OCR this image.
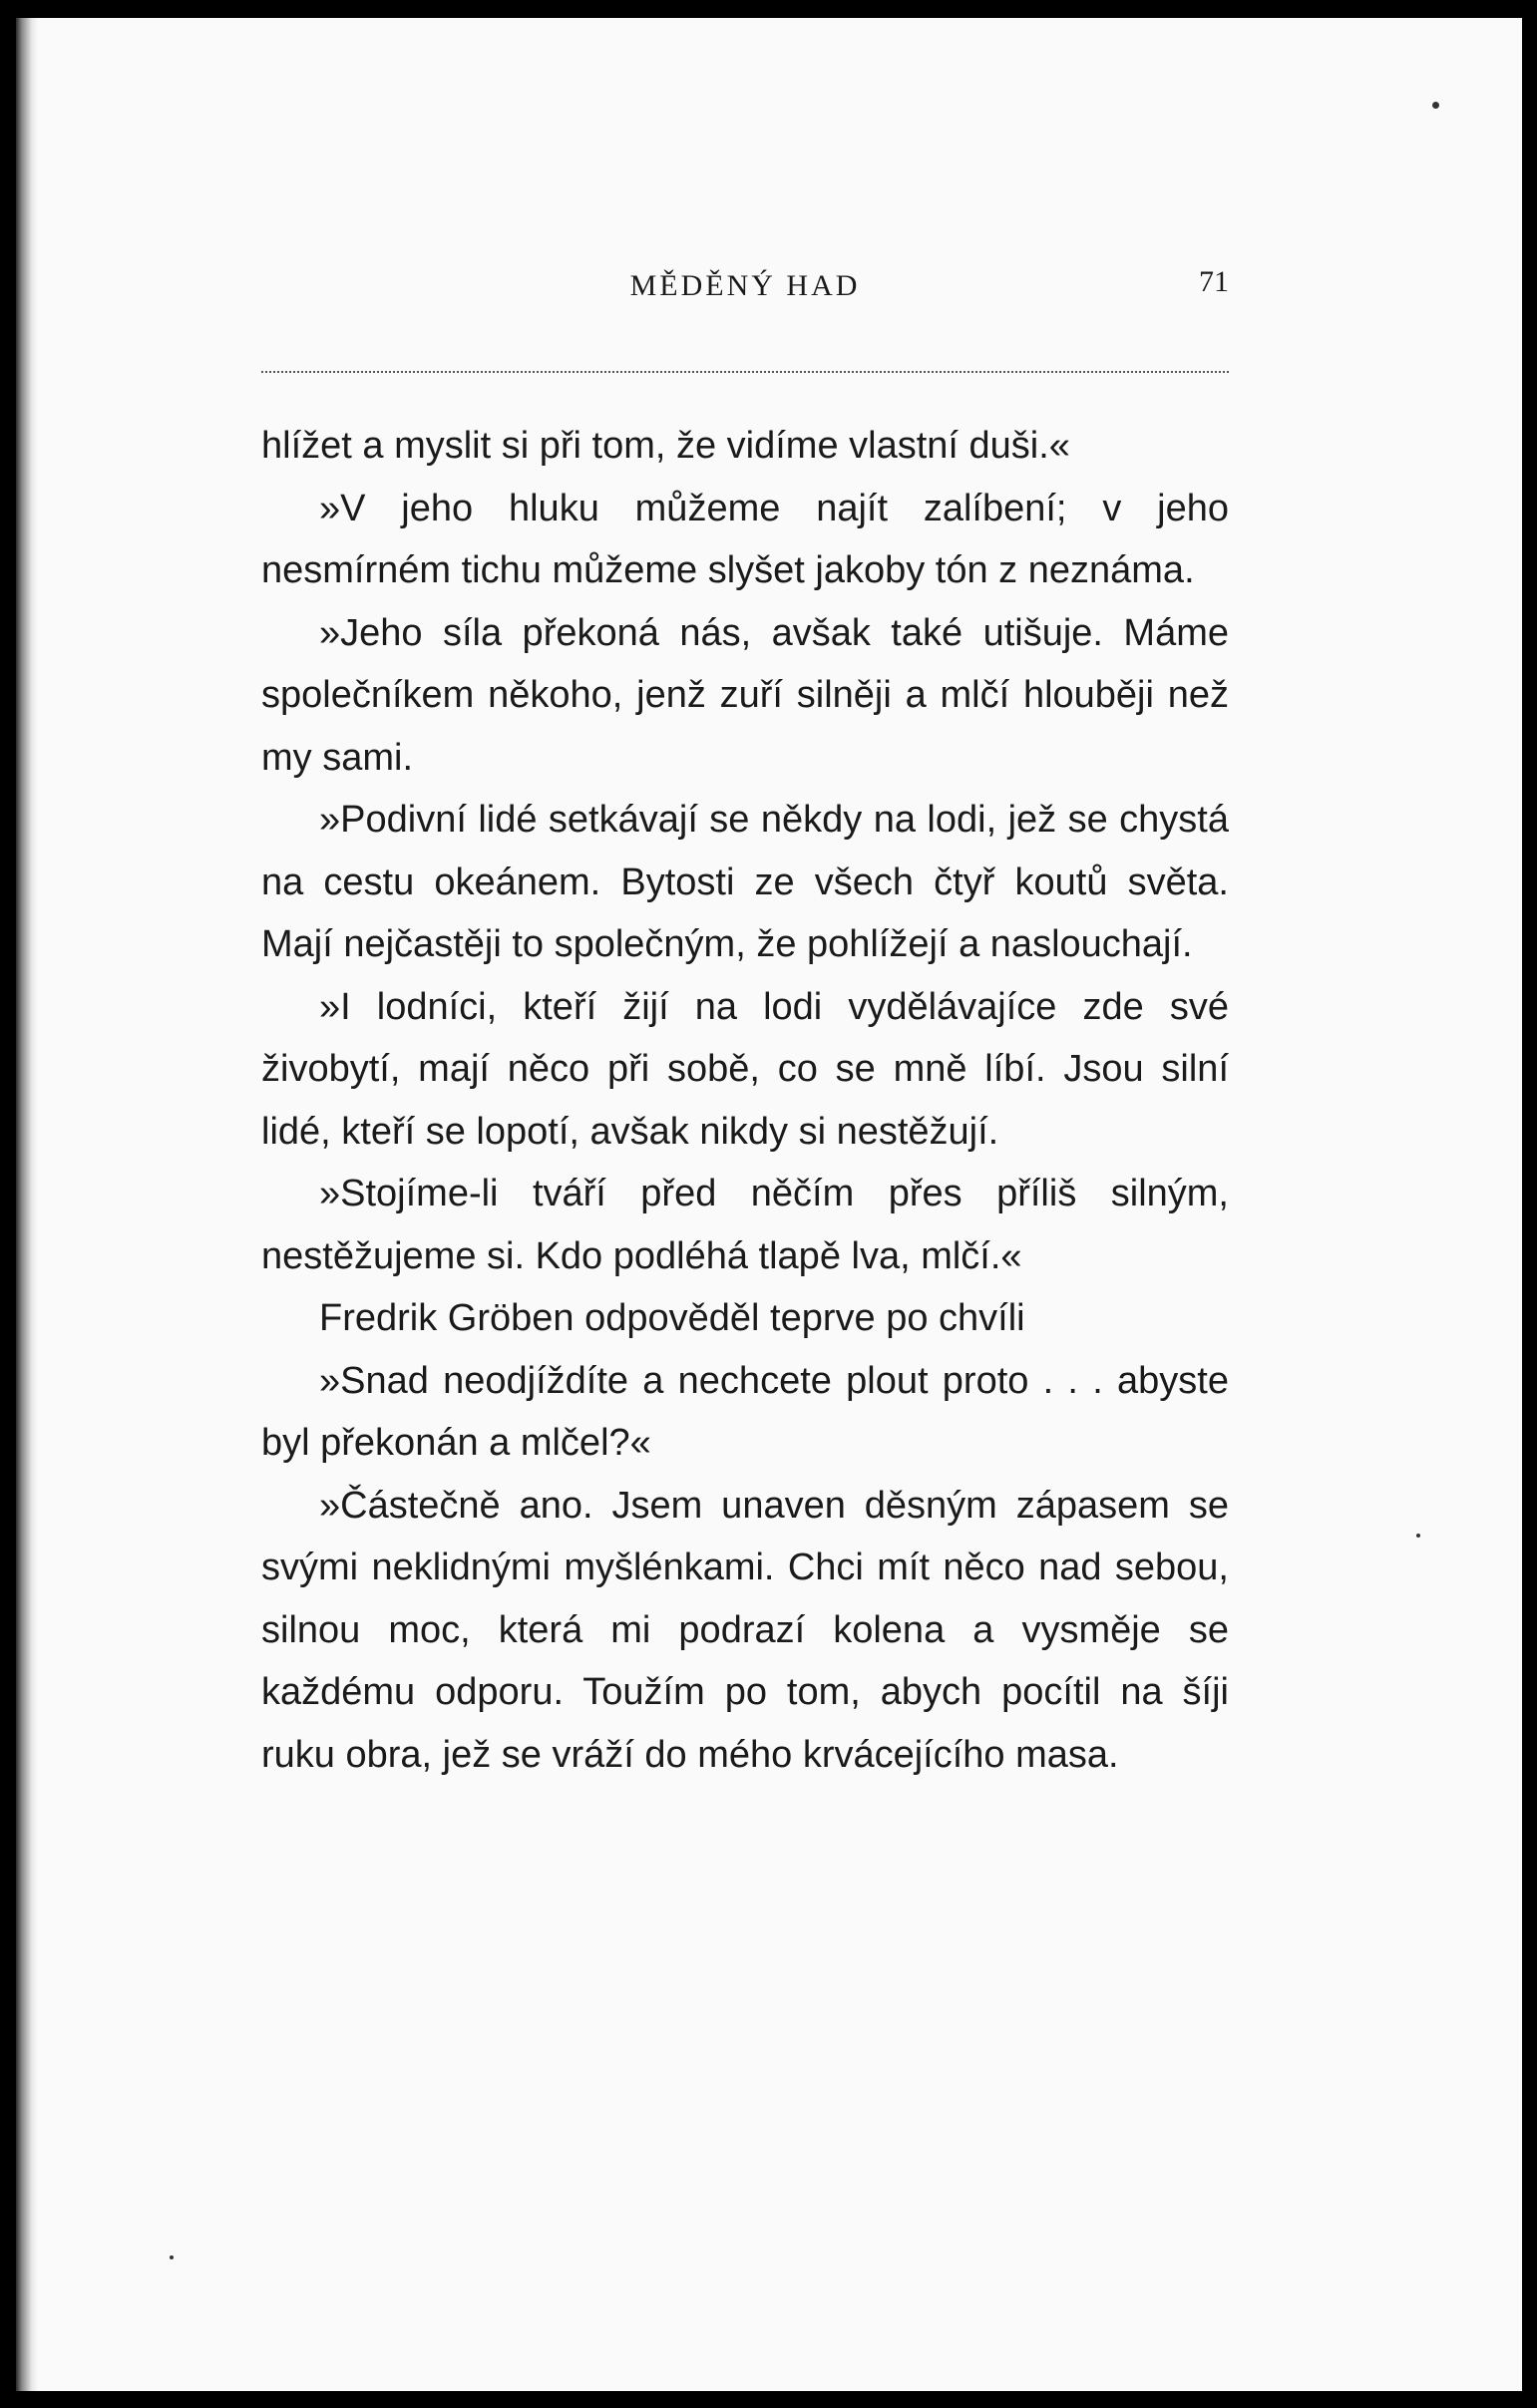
MĚDĚNÝ HAD	71

hlížet a myslit si při tom, že vidíme vlastní duši.«

»V jeho hluku můžeme najít zalíbení; v jeho nesmírném tichu můžeme slyšet jakoby tón z neznáma.

»Jeho síla překoná nás, avšak také utišuje. Máme společníkem někoho, jenž zuří silněji a mlčí hlouběji než my sami.

»Podivní lidé setkávají se někdy na lodi, jež se chystá na cestu okeánem. Bytosti ze všech čtyř koutů světa. Mají nejčastěji to společným, že pohlížejí a naslouchají.

»I lodníci, kteří žijí na lodi vydělávajíce zde své živobytí, mají něco při sobě, co se mně líbí. Jsou silní lidé, kteří se lopotí, avšak nikdy si nestěžují.

»Stojíme-li tváří před něčím přes příliš silným, nestěžujeme si. Kdo podléhá tlapě lva, mlčí.«

Fredrik Gröben odpověděl teprve po chvíli

»Snad neodjíždíte a nechcete plout proto . . . abyste byl překonán a mlčel?«

»Částečně ano. Jsem unaven děsným zápasem se svými neklidnými myšlénkami. Chci mít něco nad sebou, silnou moc, která mi podrazí kolena a vysměje se každému odporu. Toužím po tom, abych pocítil na šíji ruku obra, jež se vráží do mého krvácejícího masa.
